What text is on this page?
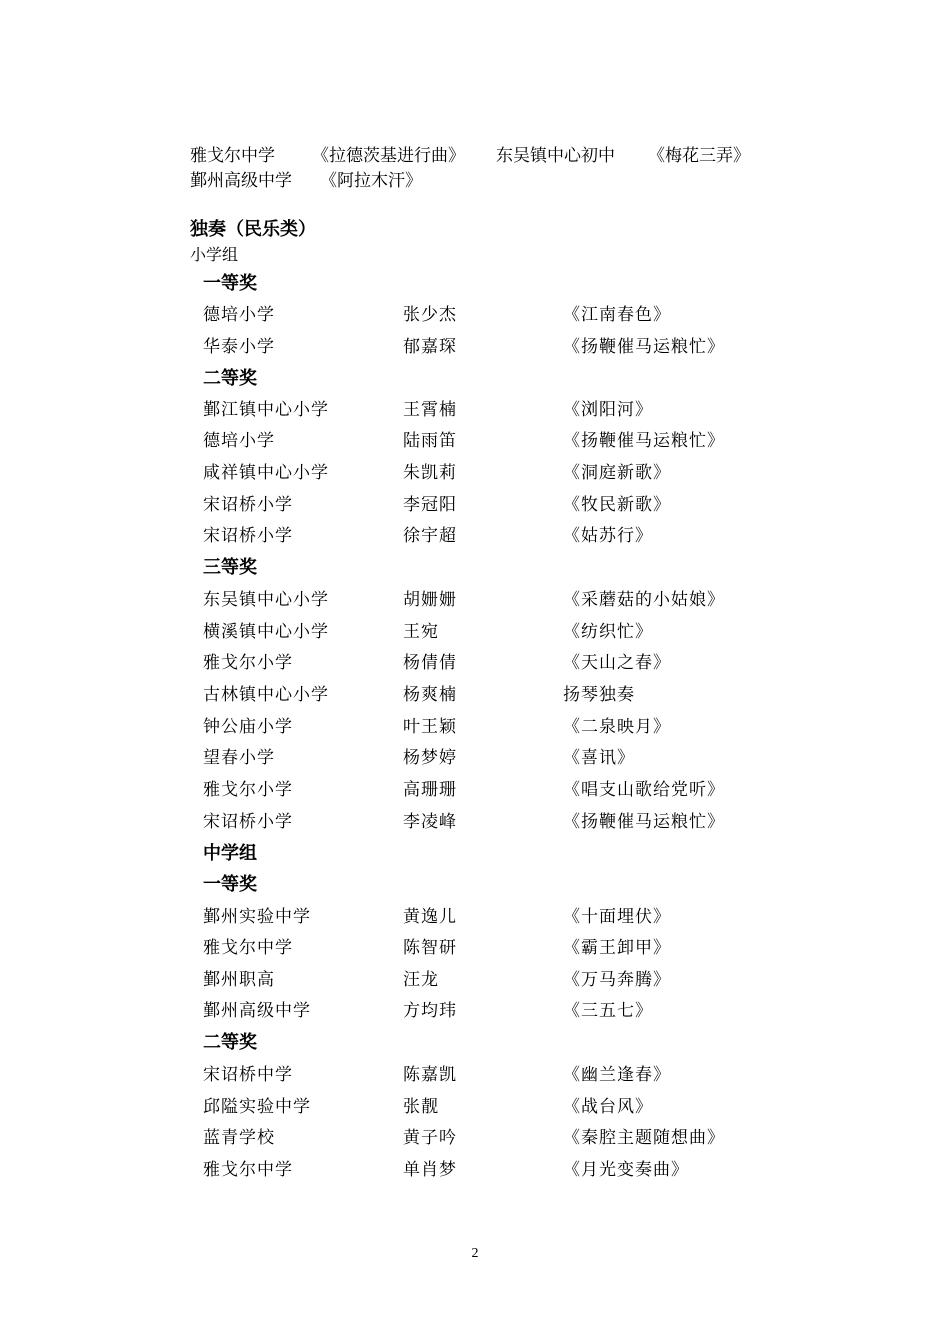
雅戈尔中学 《拉德茨基进行曲》 东吴镇中心初中 《梅花三弄》
鄞州高级中学 《阿拉木汗》
独奏（民乐类）
小学组
一等奖
德培小学	张少杰	《江南春色》
华泰小学	郁嘉琛	《扬鞭催马运粮忙》
二等奖
鄞江镇中心小学	王霄楠	《浏阳河》
德培小学	陆雨笛	《扬鞭催马运粮忙》
咸祥镇中心小学	朱凯莉	《洞庭新歌》
宋诏桥小学	李冠阳	《牧民新歌》
宋诏桥小学	徐宇超	《姑苏行》
三等奖
东吴镇中心小学	胡姗姗	《采蘑菇的小姑娘》
横溪镇中心小学	王宛	《纺织忙》
雅戈尔小学	杨倩倩	《天山之春》
古林镇中心小学	杨爽楠	扬琴独奏
钟公庙小学	叶王颖	《二泉映月》
望春小学	杨梦婷	《喜讯》
雅戈尔小学	高珊珊	《唱支山歌给党听》
宋诏桥小学	李凌峰	《扬鞭催马运粮忙》
中学组
一等奖
鄞州实验中学	黄逸儿	《十面埋伏》
雅戈尔中学	陈智研	《霸王卸甲》
鄞州职高	汪龙	《万马奔腾》
鄞州高级中学	方均玮	《三五七》
二等奖
宋诏桥中学	陈嘉凯	《幽兰逢春》
邱隘实验中学	张靓	《战台风》
蓝青学校	黄子吟	《秦腔主题随想曲》
雅戈尔中学	单肖梦	《月光变奏曲》
2
